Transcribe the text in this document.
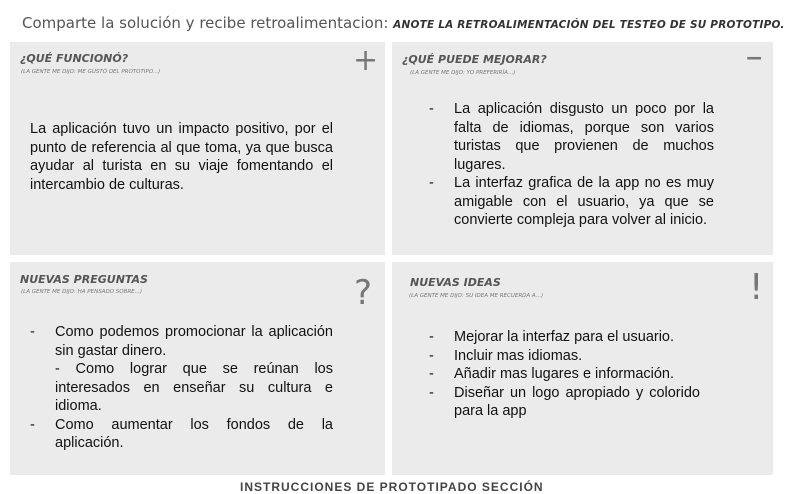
Comparte la solución y recibe retroalimentacion: ANOTE LA RETROALIMENTACIÓN DEL TESTEO DE SU PROTOTIPO.
¿QUÉ FUNCIONÓ?
(LA GENTE ME DIJO: ME GUSTÓ DEL PROTOTIPO...)	+
La aplicación tuvo un impacto positivo, por el punto de referencia al que toma, ya que busca ayudar al turista en su viaje fomentando el intercambio de culturas.
¿QUÉ PUEDE MEJORAR?
(LA GENTE ME DIJO: YO PREFERIRÍA...)
−
- La aplicación disgusto un poco por la falta de idiomas, porque son varios turistas que provienen de muchos lugares.
- La interfaz grafica de la app no es muy amigable con el usuario, ya que se convierte compleja para volver al inicio.
NUEVAS PREGUNTAS
(LA GENTE ME DIJO: HA PENSADO SOBRE...)	?
- Como podemos promocionar la aplicación sin gastar dinero.
- Como lograr que se reúnan los interesados en enseñar su cultura e idioma.
- Como aumentar los fondos de la aplicación.
NUEVAS IDEAS
(LA GENTE ME DIJO: SU IDEA ME RECUERDA A...)	!
- Mejorar la interfaz para el usuario.
- Incluir mas idiomas.
- Añadir mas lugares e información.
- Diseñar un logo apropiado y colorido para la app
INSTRUCCIONES DE PROTOTIPADO SECCIÓN
